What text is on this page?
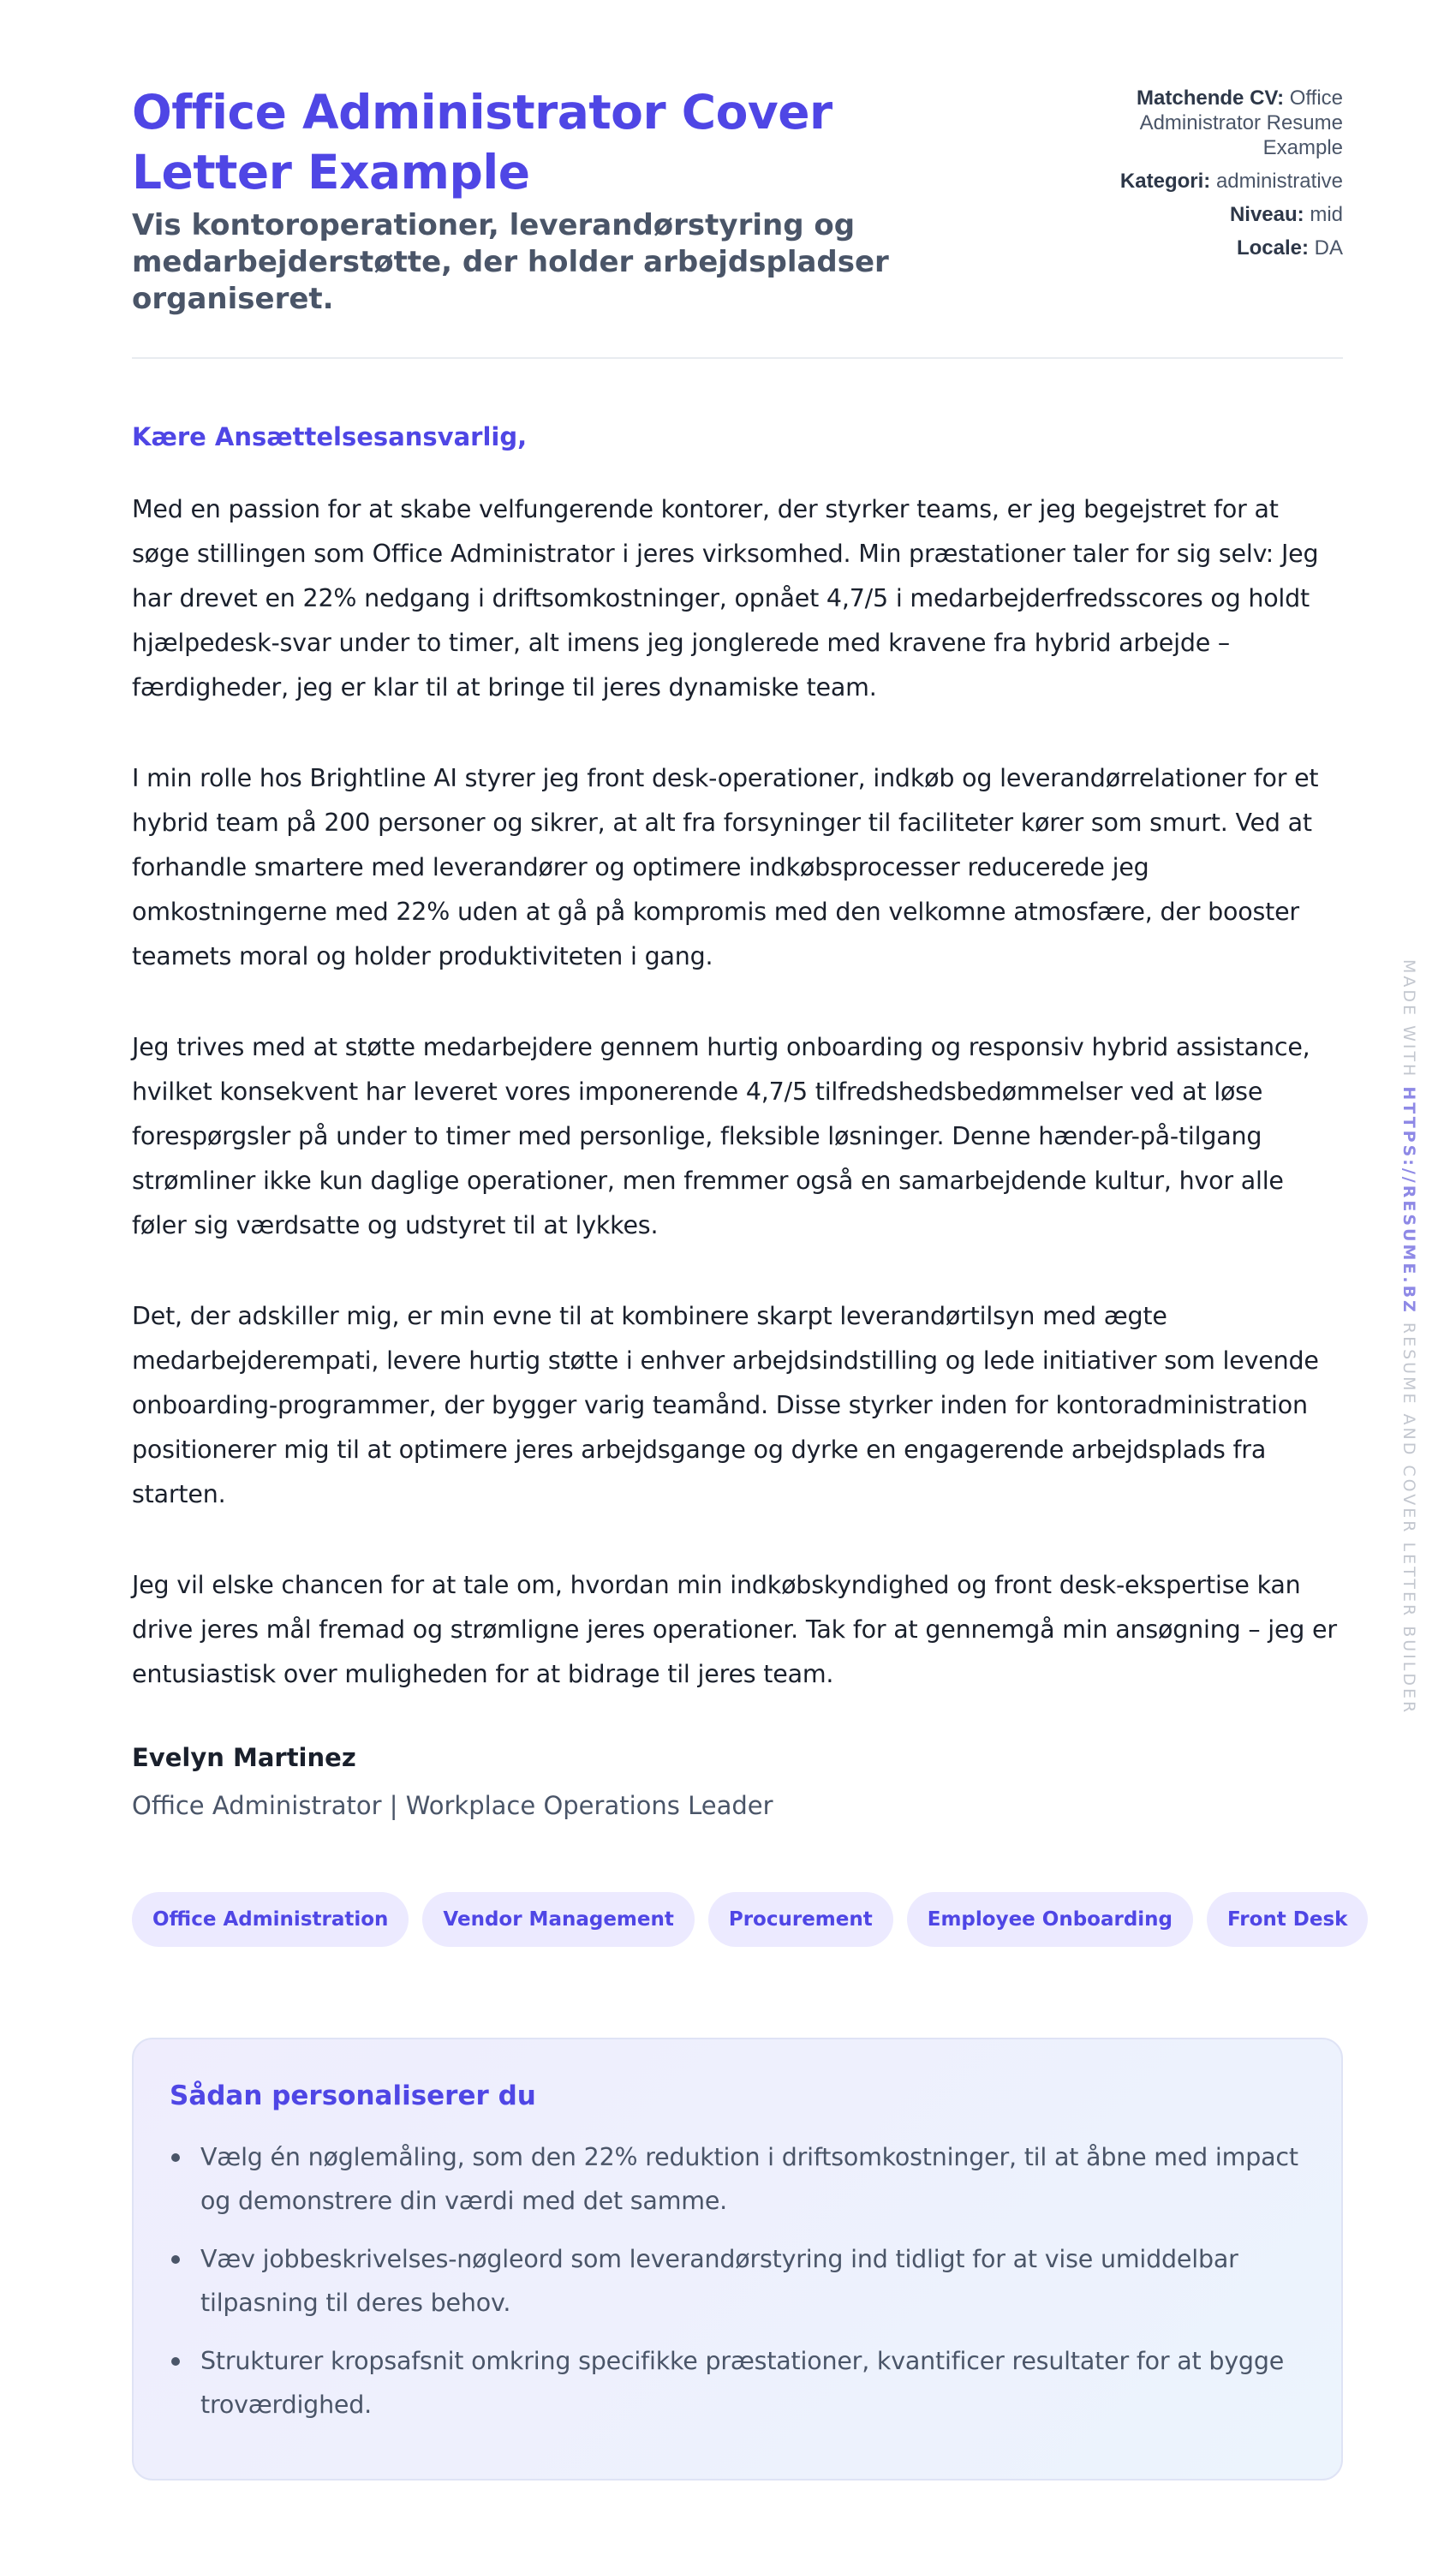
Office Administrator Cover Letter Example
Vis kontoroperationer, leverandørstyring og medarbejderstøtte, der holder arbejdspladser organiseret.
Matchende CV: Office Administrator Resume Example
Kategori: administrative
Niveau: mid
Locale: DA
Kære Ansættelsesansvarlig,

Med en passion for at skabe velfungerende kontorer, der styrker teams, er jeg begejstret for at søge stillingen som Office Administrator i jeres virksomhed. Min præstationer taler for sig selv: Jeg har drevet en 22% nedgang i driftsomkostninger, opnået 4,7/5 i medarbejderfredsscores og holdt hjælpedesk-svar under to timer, alt imens jeg jonglerede med kravene fra hybrid arbejde – færdigheder, jeg er klar til at bringe til jeres dynamiske team.

I min rolle hos Brightline AI styrer jeg front desk-operationer, indkøb og leverandørrelationer for et hybrid team på 200 personer og sikrer, at alt fra forsyninger til faciliteter kører som smurt. Ved at forhandle smartere med leverandører og optimere indkøbsprocesser reducerede jeg omkostningerne med 22% uden at gå på kompromis med den velkomne atmosfære, der booster teamets moral og holder produktiviteten i gang.

Jeg trives med at støtte medarbejdere gennem hurtig onboarding og responsiv hybrid assistance, hvilket konsekvent har leveret vores imponerende 4,7/5 tilfredshedsbedømmelser ved at løse forespørgsler på under to timer med personlige, fleksible løsninger. Denne hænder-på-tilgang strømliner ikke kun daglige operationer, men fremmer også en samarbejdende kultur, hvor alle føler sig værdsatte og udstyret til at lykkes.

Det, der adskiller mig, er min evne til at kombinere skarpt leverandørtilsyn med ægte medarbejderempati, levere hurtig støtte i enhver arbejdsindstilling og lede initiativer som levende onboarding-programmer, der bygger varig teamånd. Disse styrker inden for kontoradministration positionerer mig til at optimere jeres arbejdsgange og dyrke en engagerende arbejdsplads fra starten.

Jeg vil elske chancen for at tale om, hvordan min indkøbskyndighed og front desk-ekspertise kan drive jeres mål fremad og strømligne jeres operationer. Tak for at gennemgå min ansøgning – jeg er entusiastisk over muligheden for at bidrage til jeres team.

Evelyn Martinez
Office Administrator | Workplace Operations Leader
Office Administration	Vendor Management	Procurement	Employee Onboarding	Front Desk
Sådan personaliserer du
Vælg én nøglemåling, som den 22% reduktion i driftsomkostninger, til at åbne med impact og demonstrere din værdi med det samme.
Væv jobbeskrivelses-nøgleord som leverandørstyring ind tidligt for at vise umiddelbar tilpasning til deres behov.
Strukturer kropsafsnit omkring specifikke præstationer, kvantificer resultater for at bygge troværdighed.
MADE WITH HTTPS://RESUME.BZ RESUME AND COVER LETTER BUILDER
